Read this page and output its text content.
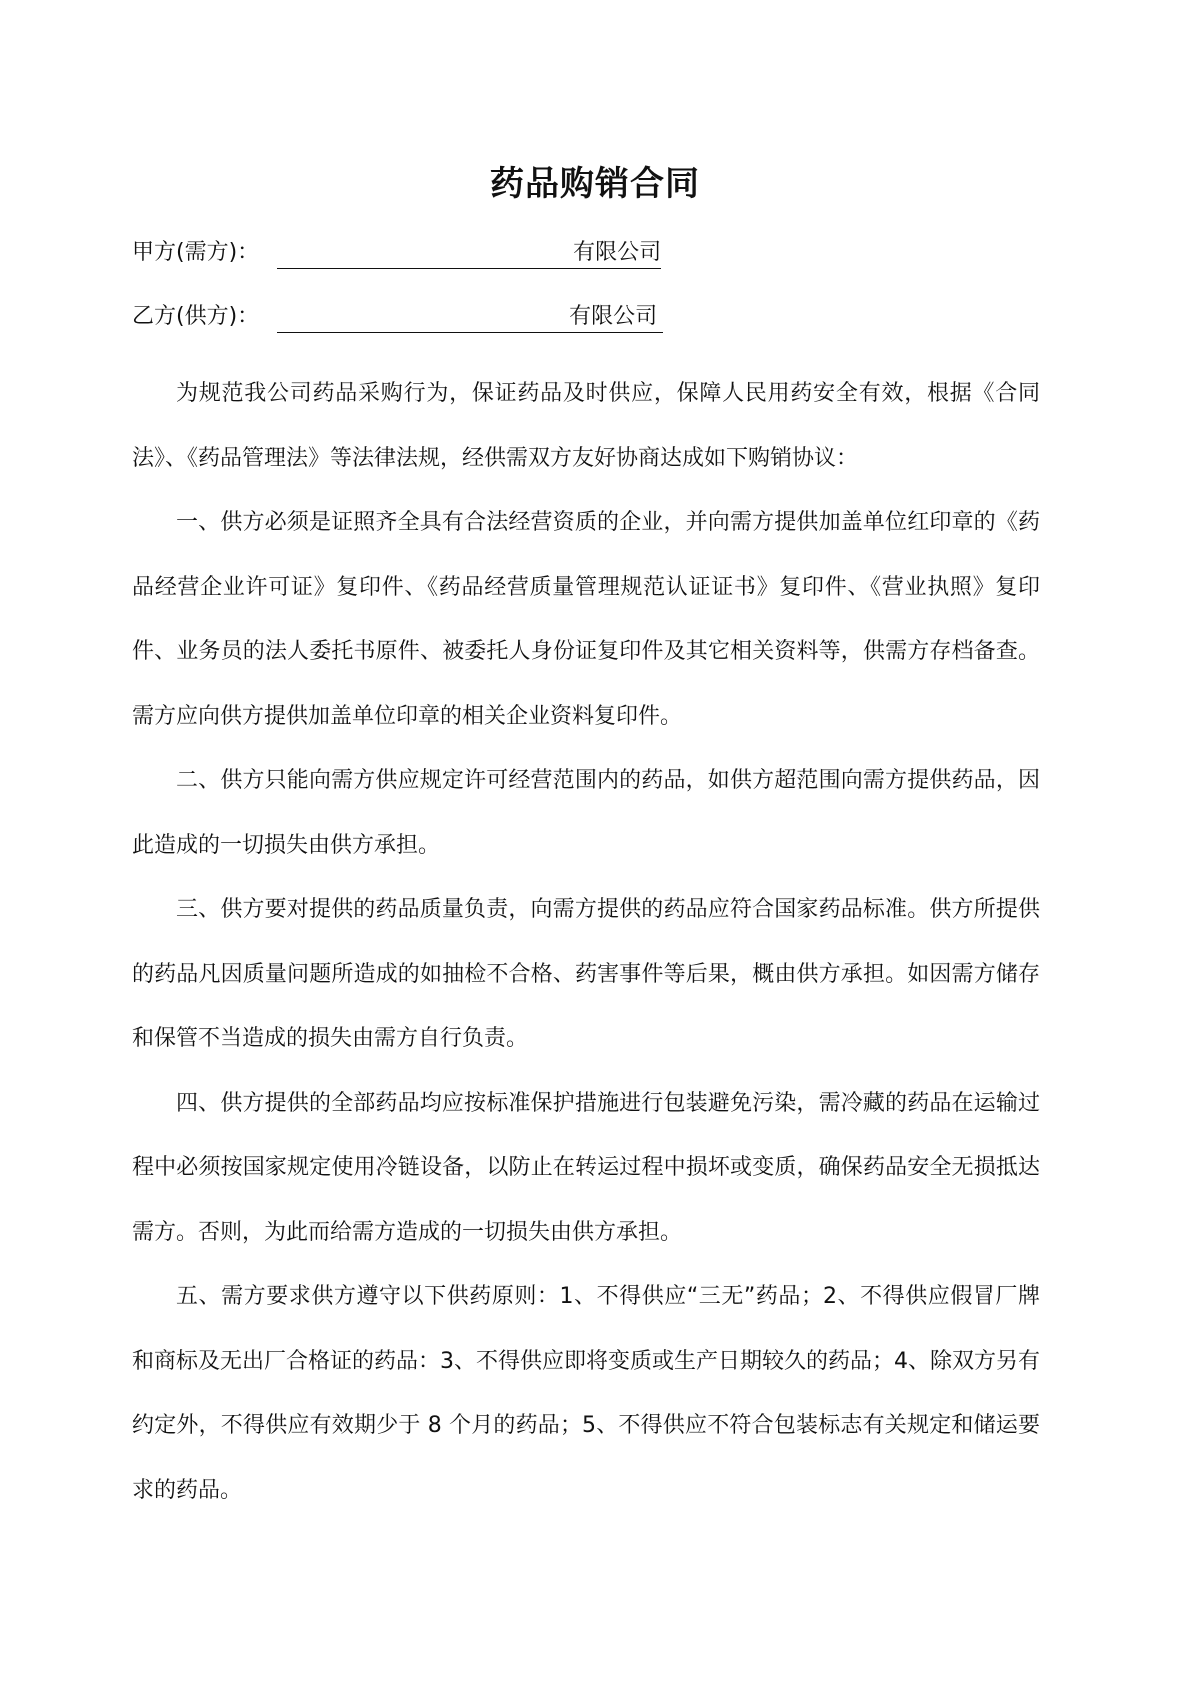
药品购销合同
甲方(需方)：	有限公司
乙方(供方)：	有限公司

为规范我公司药品采购行为，保证药品及时供应，保障人民用药安全有效，根据《合同法》、《药品管理法》等法律法规，经供需双方友好协商达成如下购销协议：

一、供方必须是证照齐全具有合法经营资质的企业，并向需方提供加盖单位红印章的《药品经营企业许可证》复印件、《药品经营质量管理规范认证证书》复印件、《营业执照》复印件、业务员的法人委托书原件、被委托人身份证复印件及其它相关资料等，供需方存档备查。需方应向供方提供加盖单位印章的相关企业资料复印件。

二、供方只能向需方供应规定许可经营范围内的药品，如供方超范围向需方提供药品，因此造成的一切损失由供方承担。

三、供方要对提供的药品质量负责，向需方提供的药品应符合国家药品标准。供方所提供的药品凡因质量问题所造成的如抽检不合格、药害事件等后果，概由供方承担。如因需方储存和保管不当造成的损失由需方自行负责。

四、供方提供的全部药品均应按标准保护措施进行包装避免污染，需冷藏的药品在运输过程中必须按国家规定使用冷链设备，以防止在转运过程中损坏或变质，确保药品安全无损抵达需方。否则，为此而给需方造成的一切损失由供方承担。

五、需方要求供方遵守以下供药原则：1、不得供应“三无”药品；2、不得供应假冒厂牌和商标及无出厂合格证的药品：3、不得供应即将变质或生产日期较久的药品；4、除双方另有约定外，不得供应有效期少于 8 个月的药品；5、不得供应不符合包装标志有关规定和储运要求的药品。
